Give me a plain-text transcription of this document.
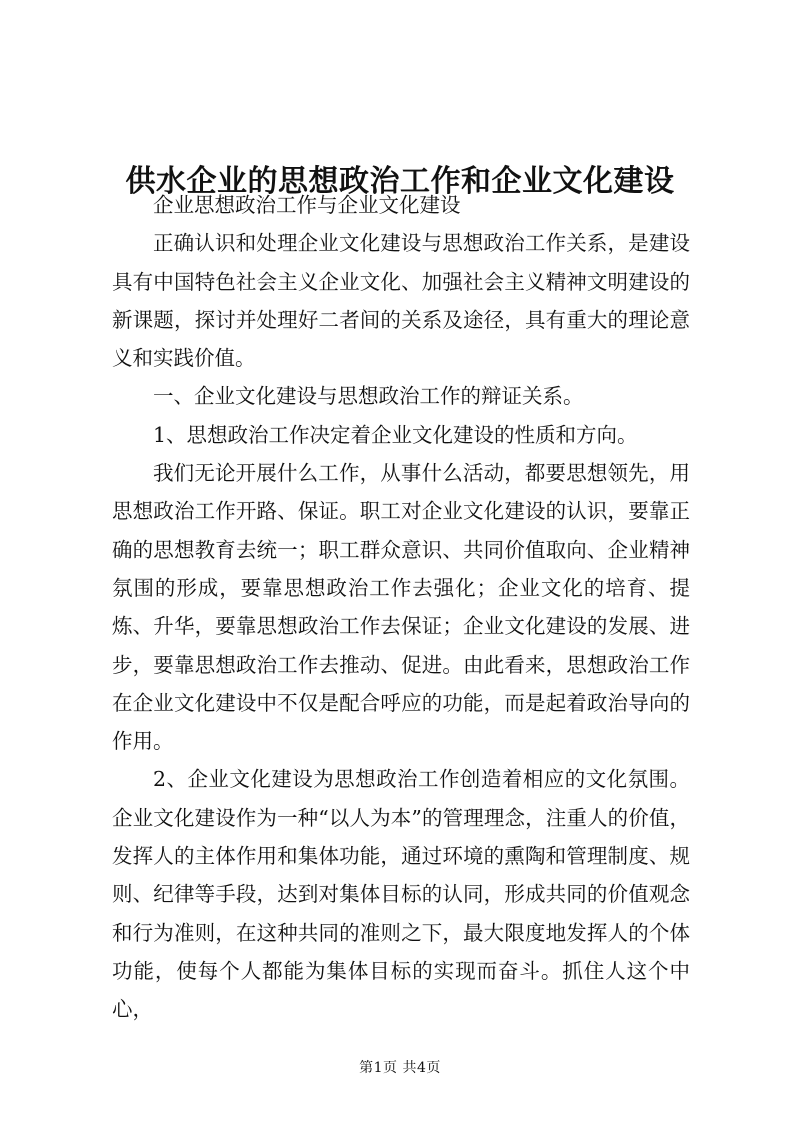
供水企业的思想政治工作和企业文化建设

企业思想政治工作与企业文化建设

正确认识和处理企业文化建设与思想政治工作关系，是建设具有中国特色社会主义企业文化、加强社会主义精神文明建设的新课题，探讨并处理好二者间的关系及途径，具有重大的理论意义和实践价值。

一、企业文化建设与思想政治工作的辩证关系。

1、思想政治工作决定着企业文化建设的性质和方向。

我们无论开展什么工作，从事什么活动，都要思想领先，用思想政治工作开路、保证。职工对企业文化建设的认识，要靠正确的思想教育去统一；职工群众意识、共同价值取向、企业精神氛围的形成，要靠思想政治工作去强化；企业文化的培育、提炼、升华，要靠思想政治工作去保证；企业文化建设的发展、进步，要靠思想政治工作去推动、促进。由此看来，思想政治工作在企业文化建设中不仅是配合呼应的功能，而是起着政治导向的作用。

2、企业文化建设为思想政治工作创造着相应的文化氛围。企业文化建设作为一种“以人为本”的管理理念，注重人的价值，发挥人的主体作用和集体功能，通过环境的熏陶和管理制度、规则、纪律等手段，达到对集体目标的认同，形成共同的价值观念和行为准则，在这种共同的准则之下，最大限度地发挥人的个体功能，使每个人都能为集体目标的实现而奋斗。抓住人这个中心，

第1页 共4页
